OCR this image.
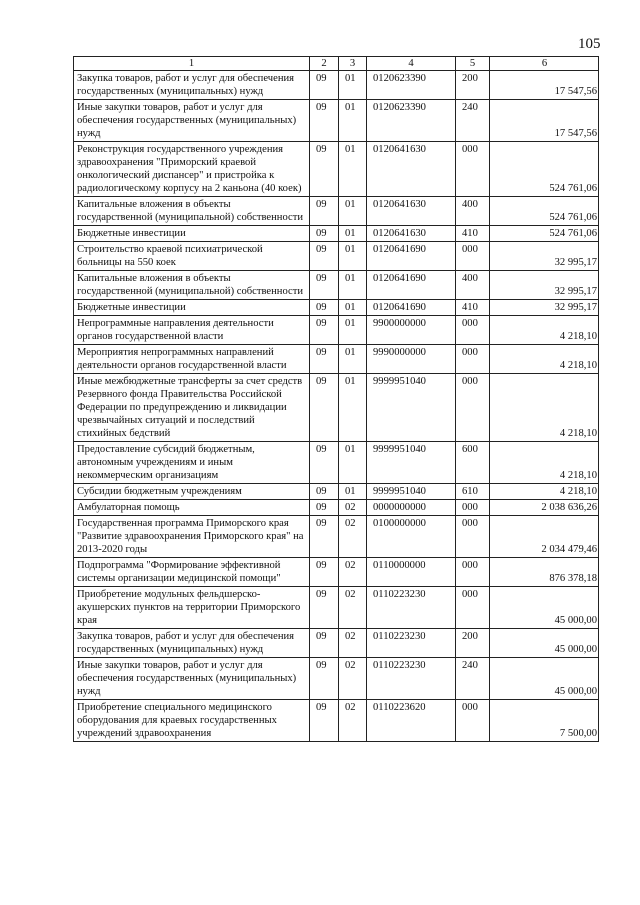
105
1	2	3	4	5	6
Закупка товаров, работ и услуг для обеспечения государственных (муниципальных) нужд	09	01	0120623390	200	17 547,56
Иные закупки товаров, работ и услуг для обеспечения государственных (муниципальных) нужд	09	01	0120623390	240	17 547,56
Реконструкция государственного учреждения здравоохранения "Приморский краевой онкологический диспансер" и пристройка к радиологическому корпусу на 2 каньона (40 коек)	09	01	0120641630	000	524 761,06
Капитальные вложения в объекты государственной (муниципальной) собственности	09	01	0120641630	400	524 761,06
Бюджетные инвестиции	09	01	0120641630	410	524 761,06
Строительство краевой психиатрической больницы на 550 коек	09	01	0120641690	000	32 995,17
Капитальные вложения в объекты государственной (муниципальной) собственности	09	01	0120641690	400	32 995,17
Бюджетные инвестиции	09	01	0120641690	410	32 995,17
Непрограммные направления деятельности органов государственной власти	09	01	9900000000	000	4 218,10
Мероприятия непрограммных направлений деятельности органов государственной власти	09	01	9990000000	000	4 218,10
Иные межбюджетные трансферты за счет средств Резервного фонда Правительства Российской Федерации по предупреждению и ликвидации чрезвычайных ситуаций и последствий стихийных бедствий	09	01	9999951040	000	4 218,10
Предоставление субсидий бюджетным, автономным учреждениям и иным некоммерческим организациям	09	01	9999951040	600	4 218,10
Субсидии бюджетным учреждениям	09	01	9999951040	610	4 218,10
Амбулаторная помощь	09	02	0000000000	000	2 038 636,26
Государственная программа Приморского края "Развитие здравоохранения Приморского края" на 2013-2020 годы	09	02	0100000000	000	2 034 479,46
Подпрограмма "Формирование эффективной системы организации медицинской помощи"	09	02	0110000000	000	876 378,18
Приобретение модульных фельдшерско-акушерских пунктов на территории Приморского края	09	02	0110223230	000	45 000,00
Закупка товаров, работ и услуг для обеспечения государственных (муниципальных) нужд	09	02	0110223230	200	45 000,00
Иные закупки товаров, работ и услуг для обеспечения государственных (муниципальных) нужд	09	02	0110223230	240	45 000,00
Приобретение специального медицинского оборудования для краевых государственных учреждений здравоохранения	09	02	0110223620	000	7 500,00
